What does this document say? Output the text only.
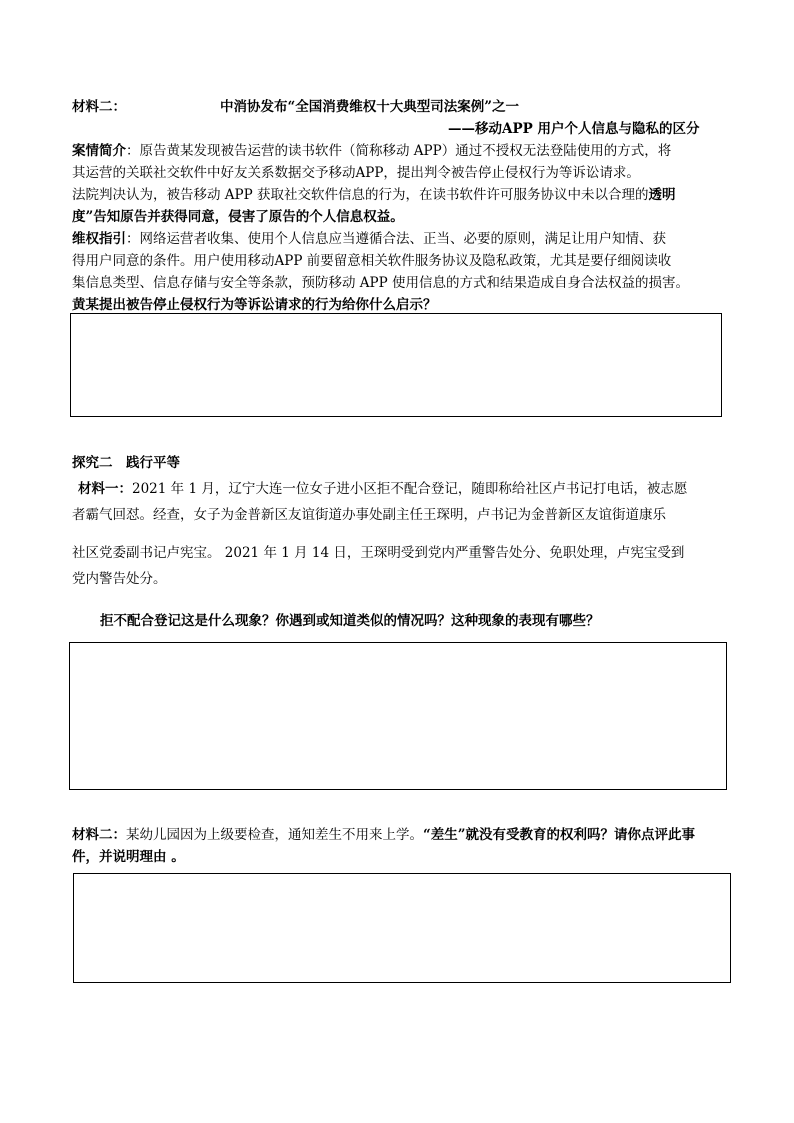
材料二：	中消协发布“全国消费维权十大典型司法案例”之一
——移动APP 用户个人信息与隐私的区分
案情简介：原告黄某发现被告运营的读书软件（简称移动 APP）通过不授权无法登陆使用的方式，将
其运营的关联社交软件中好友关系数据交予移动APP，提出判令被告停止侵权行为等诉讼请求。
法院判决认为，被告移动 APP 获取社交软件信息的行为，在读书软件许可服务协议中未以合理的透明
度”告知原告并获得同意，侵害了原告的个人信息权益。
维权指引：网络运营者收集、使用个人信息应当遵循合法、正当、必要的原则，满足让用户知情、获
得用户同意的条件。用户使用移动APP 前要留意相关软件服务协议及隐私政策，尤其是要仔细阅读收
集信息类型、信息存储与安全等条款，预防移动 APP 使用信息的方式和结果造成自身合法权益的损害。
黄某提出被告停止侵权行为等诉讼请求的行为给你什么启示？
探究二　践行平等
材料一：2021 年 1 月，辽宁大连一位女子进小区拒不配合登记，随即称给社区卢书记打电话，被志愿
者霸气回怼。经查，女子为金普新区友谊街道办事处副主任王琛明，卢书记为金普新区友谊街道康乐
社区党委副书记卢宪宝。 2021 年 1 月 14 日，王琛明受到党内严重警告处分、免职处理，卢宪宝受到
党内警告处分。
拒不配合登记这是什么现象？你遇到或知道类似的情况吗？这种现象的表现有哪些？
材料二：某幼儿园因为上级要检查，通知差生不用来上学。“差生”就没有受教育的权利吗？请你点评此事
件，并说明理由 。
